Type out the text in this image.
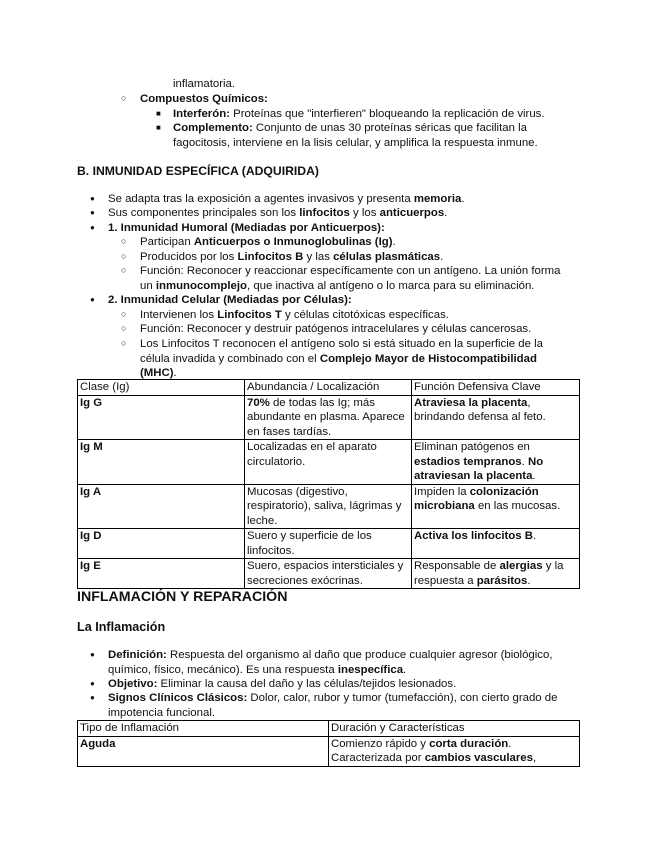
inflamatoria.
○
Compuestos Químicos:
■
Interferón: Proteínas que "interfieren" bloqueando la replicación de virus.
■
Complemento: Conjunto de unas 30 proteínas séricas que facilitan la
fagocitosis, interviene en la lisis celular, y amplifica la respuesta inmune.
B. INMUNIDAD ESPECÍFICA (ADQUIRIDA)
●
Se adapta tras la exposición a agentes invasivos y presenta memoria.
●
Sus componentes principales son los linfocitos y los anticuerpos.
●
1. Inmunidad Humoral (Mediadas por Anticuerpos):
○
Participan Anticuerpos o Inmunoglobulinas (Ig).
○
Producidos por los Linfocitos B y las células plasmáticas.
○
Función: Reconocer y reaccionar específicamente con un antígeno. La unión forma
un inmunocomplejo, que inactiva al antígeno o lo marca para su eliminación.
●
2. Inmunidad Celular (Mediadas por Células):
○
Intervienen los Linfocitos T y células citotóxicas específicas.
○
Función: Reconocer y destruir patógenos intracelulares y células cancerosas.
○
Los Linfocitos T reconocen el antígeno solo si está situado en la superficie de la
célula invadida y combinado con el Complejo Mayor de Histocompatibilidad
(MHC).
Clase (Ig)	Abundancia / Localización	Función Defensiva Clave
Ig G	70% de todas las Ig; más
abundante en plasma. Aparece
en fases tardías.	Atraviesa la placenta,
brindando defensa al feto.
Ig M	Localizadas en el aparato
circulatorio.	Eliminan patógenos en
estadios tempranos. No
atraviesan la placenta.
Ig A	Mucosas (digestivo,
respiratorio), saliva, lágrimas y
leche.	Impiden la colonización
microbiana en las mucosas.
Ig D	Suero y superficie de los
linfocitos.	Activa los linfocitos B.
Ig E	Suero, espacios intersticiales y
secreciones exócrinas.	Responsable de alergias y la
respuesta a parásitos.
INFLAMACIÓN Y REPARACIÓN
La Inflamación
●
Definición: Respuesta del organismo al daño que produce cualquier agresor (biológico,
químico, físico, mecánico). Es una respuesta inespecífica.
●
Objetivo: Eliminar la causa del daño y las células/tejidos lesionados.
●
Signos Clínicos Clásicos: Dolor, calor, rubor y tumor (tumefacción), con cierto grado de
impotencia funcional.
Tipo de Inflamación	Duración y Características
Aguda	Comienzo rápido y corta duración.
Caracterizada por cambios vasculares,
